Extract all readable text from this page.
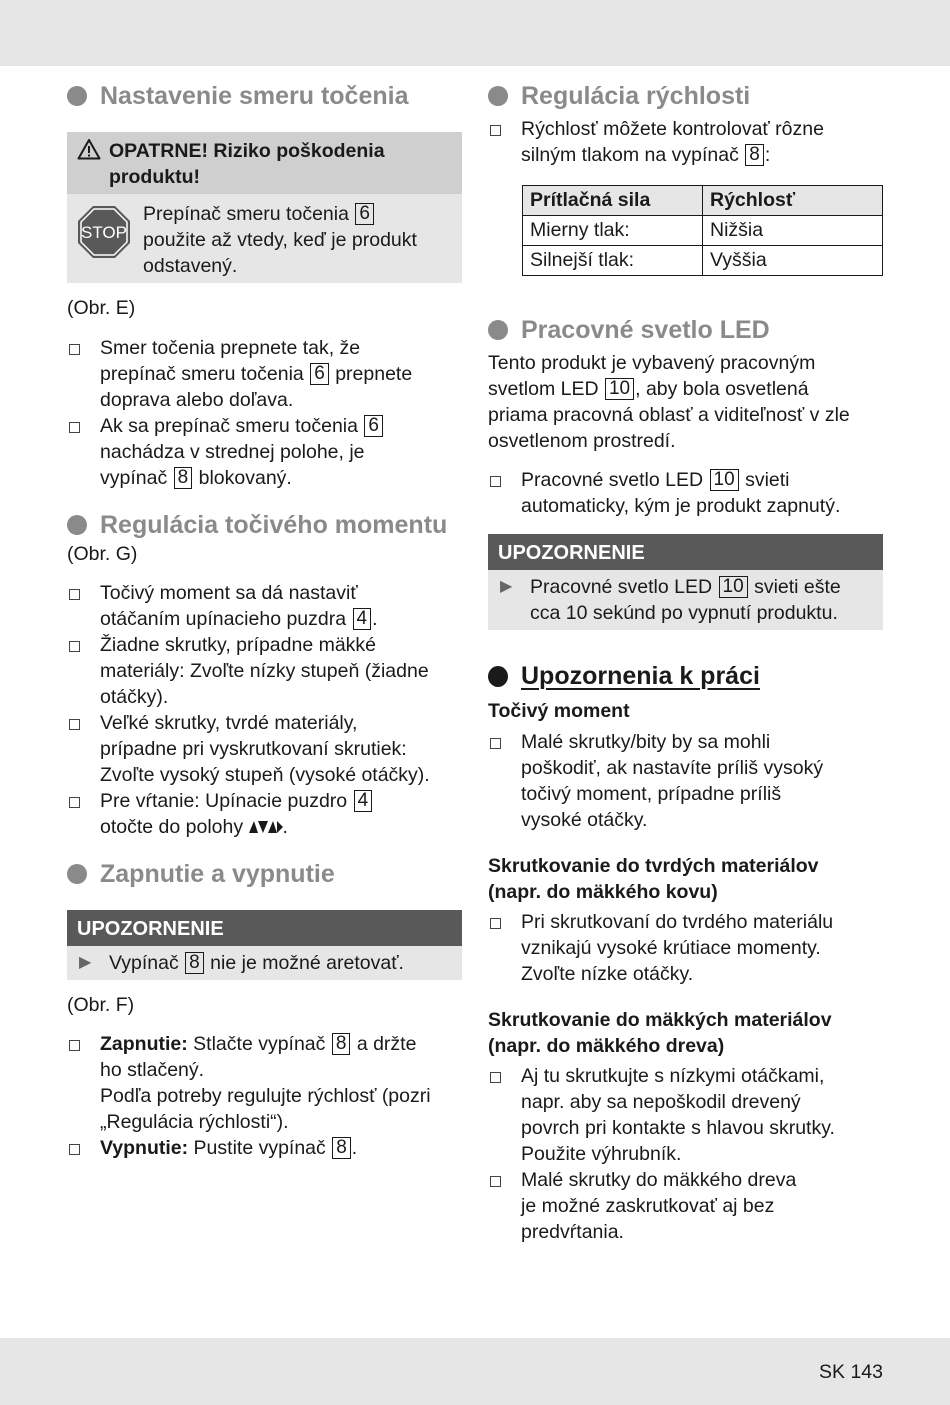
Nastavenie smeru točenia
OPATRNE! Riziko poškodenia
produktu!
STOP
Prepínač smeru točenia 6
použite až vtedy, keď je produkt
odstavený.
(Obr. E)
Smer točenia prepnete tak, že
prepínač smeru točenia 6 prepnete
doprava alebo doľava.
Ak sa prepínač smeru točenia 6
nachádza v strednej polohe, je
vypínač 8 blokovaný.
Regulácia točivého momentu
(Obr. G)
Točivý moment sa dá nastaviť
otáčaním upínacieho puzdra 4 .
Žiadne skrutky, prípadne mäkké
materiály: Zvoľte nízky stupeň (žiadne
otáčky).
Veľké skrutky, tvrdé materiály,
prípadne pri vyskrutkovaní skrutiek:
Zvoľte vysoký stupeň (vysoké otáčky).
Pre vŕtanie: Upínacie puzdro 4
otočte do polohy .
Zapnutie a vypnutie
UPOZORNENIE
▶ Vypínač 8 nie je možné aretovať.
(Obr. F)
Zapnutie: Stlačte vypínač 8 a držte
ho stlačený.
Podľa potreby regulujte rýchlosť (pozri
„Regulácia rýchlosti“).
Vypnutie: Pustite vypínač 8 .
Regulácia rýchlosti
Rýchlosť môžete kontrolovať rôzne
silným tlakom na vypínač 8 :
Prítlačná sila	Rýchlosť
Mierny tlak:	Nižšia
Silnejší tlak:	Vyššia
Pracovné svetlo LED
Tento produkt je vybavený pracovným
svetlom LED 10 , aby bola osvetlená
priama pracovná oblasť a viditeľnosť v zle
osvetlenom prostredí.
Pracovné svetlo LED 10 svieti
automaticky, kým je produkt zapnutý.
UPOZORNENIE
▶ Pracovné svetlo LED 10 svieti ešte
cca 10 sekúnd po vypnutí produktu.
Upozornenia k práci
Točivý moment
Malé skrutky/bity by sa mohli
poškodiť, ak nastavíte príliš vysoký
točivý moment, prípadne príliš
vysoké otáčky.
Skrutkovanie do tvrdých materiálov
(napr. do mäkkého kovu)
Pri skrutkovaní do tvrdého materiálu
vznikajú vysoké krútiace momenty.
Zvoľte nízke otáčky.
Skrutkovanie do mäkkých materiálov
(napr. do mäkkého dreva)
Aj tu skrutkujte s nízkymi otáčkami,
napr. aby sa nepoškodil drevený
povrch pri kontakte s hlavou skrutky.
Použite výhrubník.
Malé skrutky do mäkkého dreva
je možné zaskrutkovať aj bez
predvŕtania.
SK 143
